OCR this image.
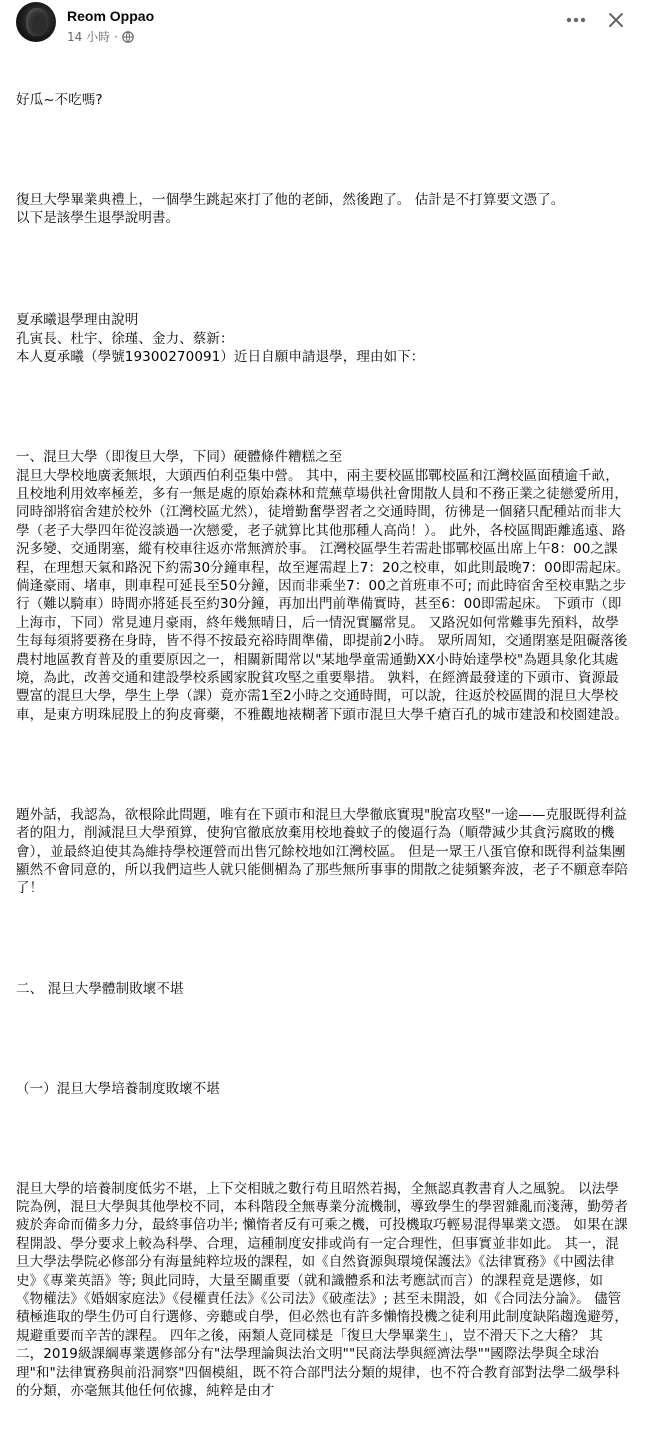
Reom Oppao
14 小時 ·

好瓜~不吃嗎?

復旦大學畢業典禮上，一個學生跳起來打了他的老師，然後跑了。 估計是不打算要文憑了。
以下是該學生退學說明書。

夏承曦退學理由說明
孔寅長、杜宇、徐瑾、金力、蔡新：
本人夏承曦（學號19300270091）近日自願申請退學，理由如下：

一、混旦大學（即復旦大學，下同）硬體條件糟糕之至
混旦大學校地廣袤無垠，大頭西伯利亞集中營。 其中，兩主要校區邯鄲校區和江灣校區面積逾千畝，且校地利用效率極差，多有一無是處的原始森林和荒蕪草場供社會閒散人員和不務正業之徒戀愛所用，同時卻將宿舍建於校外（江灣校區尤然），徒增勤奮學習者之交通時間，彷彿是一個豬只配種站而非大學（老子大學四年從沒談過一次戀愛，老子就算比其他那種人高尚！）。 此外，各校區間距離遙遠、路況多變、交通閉塞，縱有校車往返亦常無濟於事。 江灣校區學生若需赴邯鄲校區出席上午8：00之課程，在理想天氣和路況下約需30分鐘車程，故至遲需趕上7：20之校車，如此則最晚7：00即需起床。 倘逢豪雨、堵車，則車程可延長至50分鐘，因而非乘坐7：00之首班車不可; 而此時宿舍至校車點之步行（難以騎車）時間亦將延長至約30分鐘，再加出門前準備實時，甚至6：00即需起床。 下頭市（即上海市，下同）常見連月豪雨，終年幾無晴日，后一情況實屬常見。 又路況如何常難事先預料，故學生每每須將要務在身時，皆不得不按最充裕時間準備，即提前2小時。 眾所周知，交通閉塞是阻礙落後農村地區教育普及的重要原因之一，相關新聞常以"某地學童需通勤XX小時始達學校"為題具象化其處境，為此，改善交通和建設學校系國家脫貧攻堅之重要舉措。 孰料，在經濟最發達的下頭市、資源最豐富的混旦大學，學生上學（課）竟亦需1至2小時之交通時間，可以說，往返於校區間的混旦大學校車，是東方明珠屁股上的狗皮膏藥，不雅觀地裱糊著下頭市混旦大學千瘡百孔的城市建設和校園建設。

題外話，我認為，欲根除此問題，唯有在下頭市和混旦大學徹底實現"脫富攻堅"一途——克服既得利益者的阻力，削減混旦大學預算，使狗官徹底放棄用校地養蚊子的傻逼行為（順帶減少其貪污腐敗的機會），並最終迫使其為維持學校運營而出售冗餘校地如江灣校區。 但是一眾王八蛋官僚和既得利益集團顯然不會同意的，所以我們這些人就只能側楣為了那些無所事事的閒散之徒頻繁奔波，老子不願意奉陪了！

二、 混旦大學體制敗壞不堪

（一）混旦大學培養制度敗壞不堪

混旦大學的培養制度低劣不堪，上下交相賊之數行苟且昭然若揭，全無認真教書育人之風貌。 以法學院為例，混旦大學與其他學校不同，本科階段全無專業分流機制，導致學生的學習雜亂而淺薄，勤勞者疲於奔命而備多力分，最終事倍功半; 懶惰者反有可乘之機，可投機取巧輕易混得畢業文憑。 如果在課程開設、學分要求上較為科學、合理，這種制度安排或尚有一定合理性，但事實並非如此。 其一，混旦大學法學院必修部分有海量純粹垃圾的課程，如《自然資源與環境保護法》《法律實務》《中國法律史》《專業英語》等; 與此同時，大量至關重要（就和識體系和法考應試而言）的課程竟是選修，如《物權法》《婚姻家庭法》《侵權責任法》《公司法》《破產法》; 甚至未開設，如《合同法分論》。 儘管積極進取的學生仍可自行選修、旁聽或自學，但必然也有許多懶惰投機之徒利用此制度缺陷趨逸避勞，規避重要而辛苦的課程。 四年之後，兩類人竟同樣是「復旦大學畢業生」，豈不滑天下之大稽？ 其二，2019級課綱專業選修部分有"法學理論與法治文明""民商法學與經濟法學""國際法學與全球治理"和"法律實務與前沿洞察"四個模組，既不符合部門法分類的規律，也不符合教育部對法學二級學科的分類，亦毫無其他任何依據，純粹是由才
